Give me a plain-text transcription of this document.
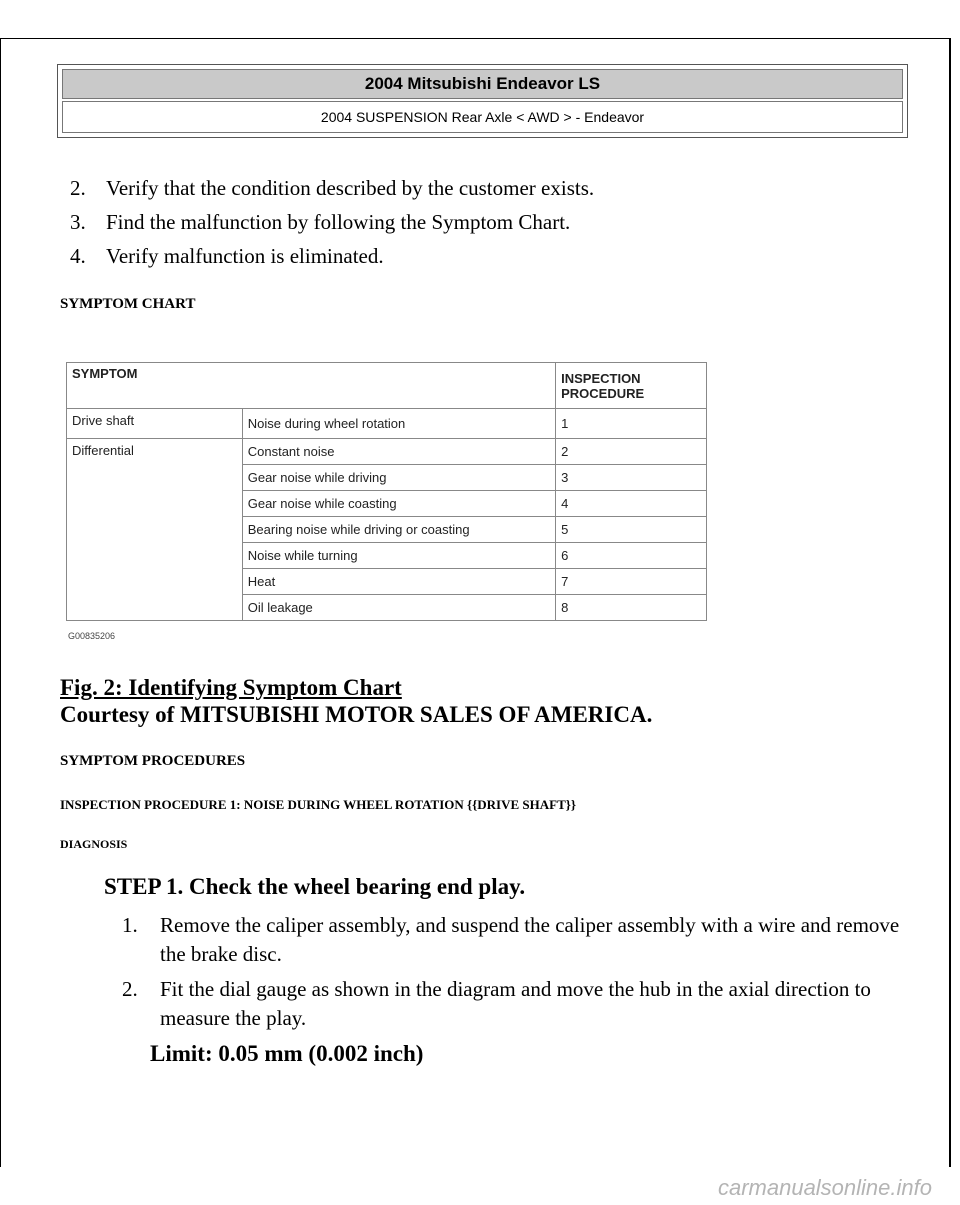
2004 Mitsubishi Endeavor LS
2004 SUSPENSION Rear Axle < AWD > - Endeavor
2. Verify that the condition described by the customer exists.
3. Find the malfunction by following the Symptom Chart.
4. Verify malfunction is eliminated.

SYMPTOM CHART

SYMPTOM		INSPECTION PROCEDURE
Drive shaft	Noise during wheel rotation	1
Differential	Constant noise	2
	Gear noise while driving	3
	Gear noise while coasting	4
	Bearing noise while driving or coasting	5
	Noise while turning	6
	Heat	7
	Oil leakage	8
G00835206
Fig. 2: Identifying Symptom Chart
Courtesy of MITSUBISHI MOTOR SALES OF AMERICA.

SYMPTOM PROCEDURES

INSPECTION PROCEDURE 1: NOISE DURING WHEEL ROTATION {{DRIVE SHAFT}}

DIAGNOSIS

STEP 1. Check the wheel bearing end play.

1. Remove the caliper assembly, and suspend the caliper assembly with a wire and remove the brake disc.
2. Fit the dial gauge as shown in the diagram and move the hub in the axial direction to measure the play.
Limit: 0.05 mm (0.002 inch)
carmanualsonline.info
